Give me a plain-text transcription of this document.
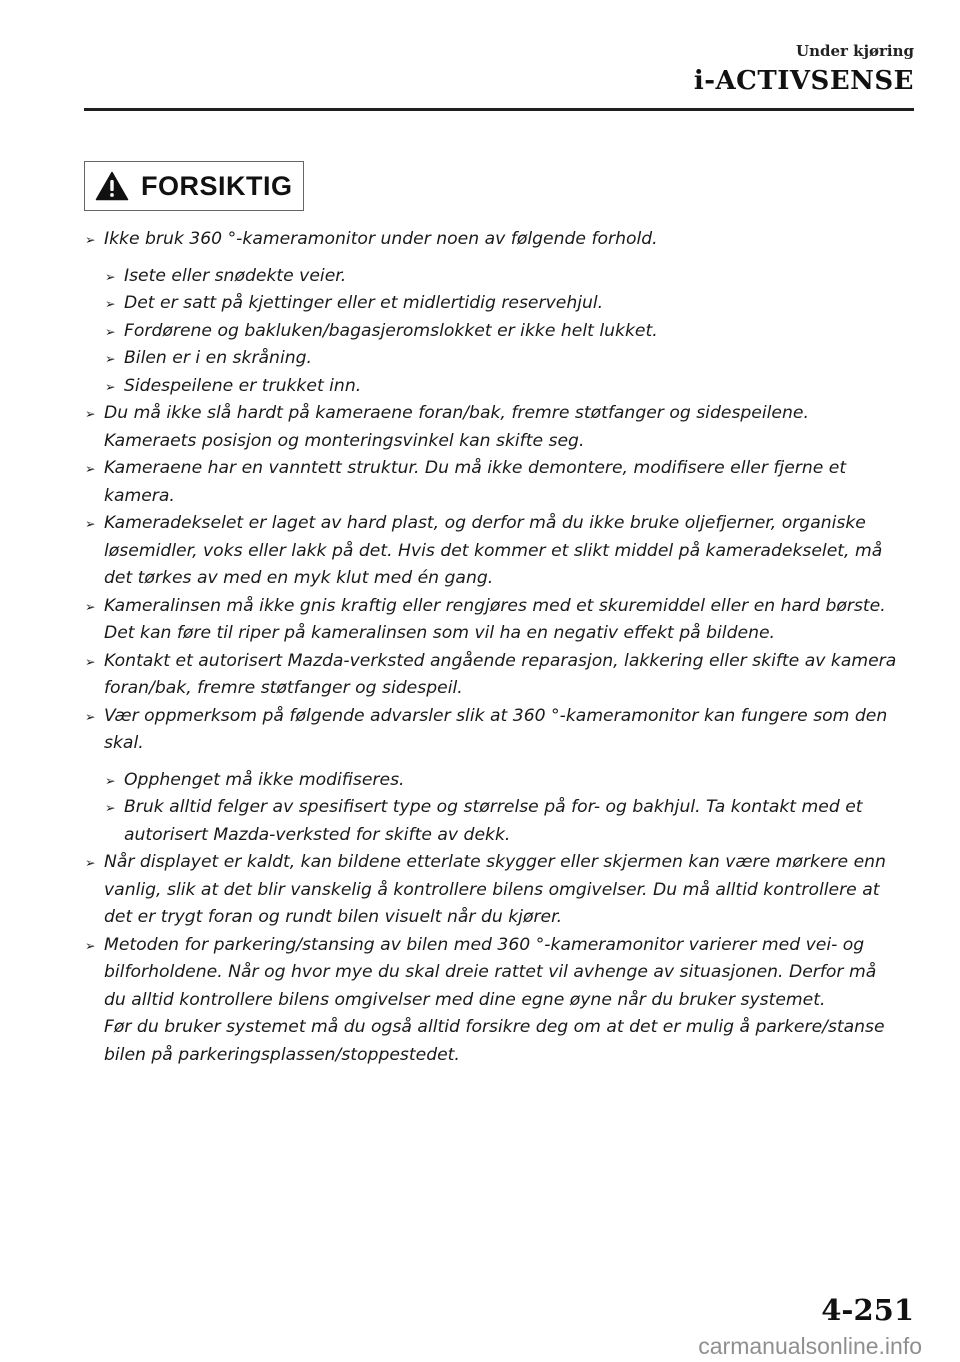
Under kjøring
i-ACTIVSENSE
FORSIKTIG
➢ Ikke bruk 360 °-kameramonitor under noen av følgende forhold.

➢ Isete eller snødekte veier.

➢ Det er satt på kjettinger eller et midlertidig reservehjul.

➢ Fordørene og bakluken/bagasjeromslokket er ikke helt lukket.

➢ Bilen er i en skråning.

➢ Sidespeilene er trukket inn.

➢ Du må ikke slå hardt på kameraene foran/bak, fremre støtfanger og sidespeilene.

Kameraets posisjon og monteringsvinkel kan skifte seg.

➢ Kameraene har en vanntett struktur. Du må ikke demontere, modifisere eller fjerne et

kamera.

➢ Kameradekselet er laget av hard plast, og derfor må du ikke bruke oljefjerner, organiske

løsemidler, voks eller lakk på det. Hvis det kommer et slikt middel på kameradekselet, må

det tørkes av med en myk klut med én gang.

➢ Kameralinsen må ikke gnis kraftig eller rengjøres med et skuremiddel eller en hard børste.

Det kan føre til riper på kameralinsen som vil ha en negativ effekt på bildene.

➢ Kontakt et autorisert Mazda-verksted angående reparasjon, lakkering eller skifte av kamera

foran/bak, fremre støtfanger og sidespeil.

➢ Vær oppmerksom på følgende advarsler slik at 360 °-kameramonitor kan fungere som den

skal.

➢ Opphenget må ikke modifiseres.

➢ Bruk alltid felger av spesifisert type og størrelse på for- og bakhjul. Ta kontakt med et

autorisert Mazda-verksted for skifte av dekk.

➢ Når displayet er kaldt, kan bildene etterlate skygger eller skjermen kan være mørkere enn

vanlig, slik at det blir vanskelig å kontrollere bilens omgivelser. Du må alltid kontrollere at

det er trygt foran og rundt bilen visuelt når du kjører.

➢ Metoden for parkering/stansing av bilen med 360 °-kameramonitor varierer med vei- og

bilforholdene. Når og hvor mye du skal dreie rattet vil avhenge av situasjonen. Derfor må

du alltid kontrollere bilens omgivelser med dine egne øyne når du bruker systemet.

Før du bruker systemet må du også alltid forsikre deg om at det er mulig å parkere/stanse

bilen på parkeringsplassen/stoppestedet.

4-251
carmanualsonline.info
